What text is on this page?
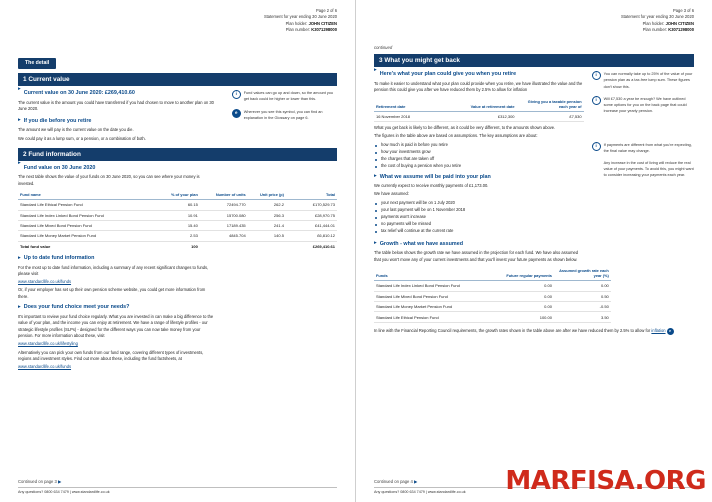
Page 2 of 6
Statement for year ending 30 June 2020
Plan holder: JOHN CITIZEN
Plan number: K3071298000
The detail
1 Current value
▸
Current value on 30 June 2020: £269,410.60

The current value is the amount you could have transferred if you had chosen to move to another plan on 30 June 2020.

▸ If you die before you retire

The amount we will pay is the current value on the date you die.

We could pay it as a lump sum, or a pension, or a combination of both.

i	Fund values can go up and down, so the amount you get back could be higher or lower than this.
e	Wherever you see this symbol, you can find an explanation in the Glossary on page 6.
2 Fund information
▸
Fund value on 30 June 2020

The next table shows the value of your funds on 30 June 2020, so you can see where your money is invested.

Fund name	% of your plan	Number of units	Unit price (p)	Total
Standard Life Ethical Pension Fund	60.15	72494.770	262.2	£170,529.73
Standard Life Index Linked Bond Pension Fund	10.91	15700.080	256.3	£28,970.75
Standard Life Mixed Bond Pension Fund	15.40	17189.435	241.4	£41,444.01
Standard Life Money Market Pension Fund	2.53	4845.704	140.5	£6,810.12
Total fund value	100			£269,410.61
▸ Up to date fund information

For the most up to date fund information, including a summary of any recent significant changes to funds, please visit

www.standardlife.co.uk/funds

Or, if your employer has set up their own pension scheme website, you could get more information from there.

▸ Does your fund choice meet your needs?

It's important to review your fund choice regularly. What you are invested in can make a big difference to the value of your plan, and the income you can enjoy at retirement. We have a range of lifestyle profiles - our strategic lifestyle profiles (SLPs) - designed for the different ways you can now take money from your pension. For more information about these, visit

www.standardlife.co.uk/lifestyling

Alternatively you can pick your own funds from our fund range, covering different types of investments, regions and investment styles. Find out more about these, including the fund factsheets, at

www.standardlife.co.uk/funds

Continued on page 3 ▶
Any questions? 0800 634 7479 | www.standardlife.co.uk
Page 3 of 6
Statement for year ending 30 June 2020
Plan holder: JOHN CITIZEN
Plan number: K3071298000
continued
3 What you might get back
▸
Here's what your plan could give you when you retire

To make it easier to understand what your plan could provide when you retire, we have illustrated the value and the pension this could give you after we have reduced them by 2.5% to allow for inflation

Retirement date	Value at retirement date	Giving you a taxable pension each year of
16 November 2018	£312,300	£7,530

What you get back is likely to be different, as it could be very different, to the amounts shown above.

The figures in the table above are based on assumptions. The key assumptions are about:

how much is paid in before you retire
how your investments grow
the charges that are taken off
the cost of buying a pension when you retire
▸ What we assume will be paid into your plan

We currently expect to receive monthly payments of £1,173.00.

We have assumed:

your next payment will be on 1 July 2020
your last payment will be on 1 November 2018
payments won't increase
no payments will be missed
tax relief will continue at the current rate
i	You can normally take up to 25% of the value of your pension plan as a tax-free lump sum. These figures don't show this.
i	Will £7,530 a year be enough? We have outlined some options for you on the back page that could increase your yearly pension.
i	If payments are different from what you're expecting, the final value may change.
Any increase in the cost of living will reduce the real value of your payments. To avoid this, you might want to consider increasing your payments each year.
▸ Growth - what we have assumed

The table below shows the growth rate we have assumed in the projection for each fund. We have also assumed that you won't move any of your current investments and that you'll invest your future payments as shown below.

Funds	Future regular payments	Assumed growth rate each year (%)
Standard Life Index Linked Bond Pension Fund	0.00	0.00
Standard Life Mixed Bond Pension Fund	0.00	0.50
Standard Life Money Market Pension Fund	0.00	-0.50
Standard Life Ethical Pension Fund	100.00	3.50

In line with the Financial Reporting Council requirements, the growth rates shown in the table above are after we have reduced them by 2.5% to allow for inflation e

Continued on page 4 ▶
Any questions? 0800 634 7479 | www.standardlife.co.uk	MARFISA.ORG
